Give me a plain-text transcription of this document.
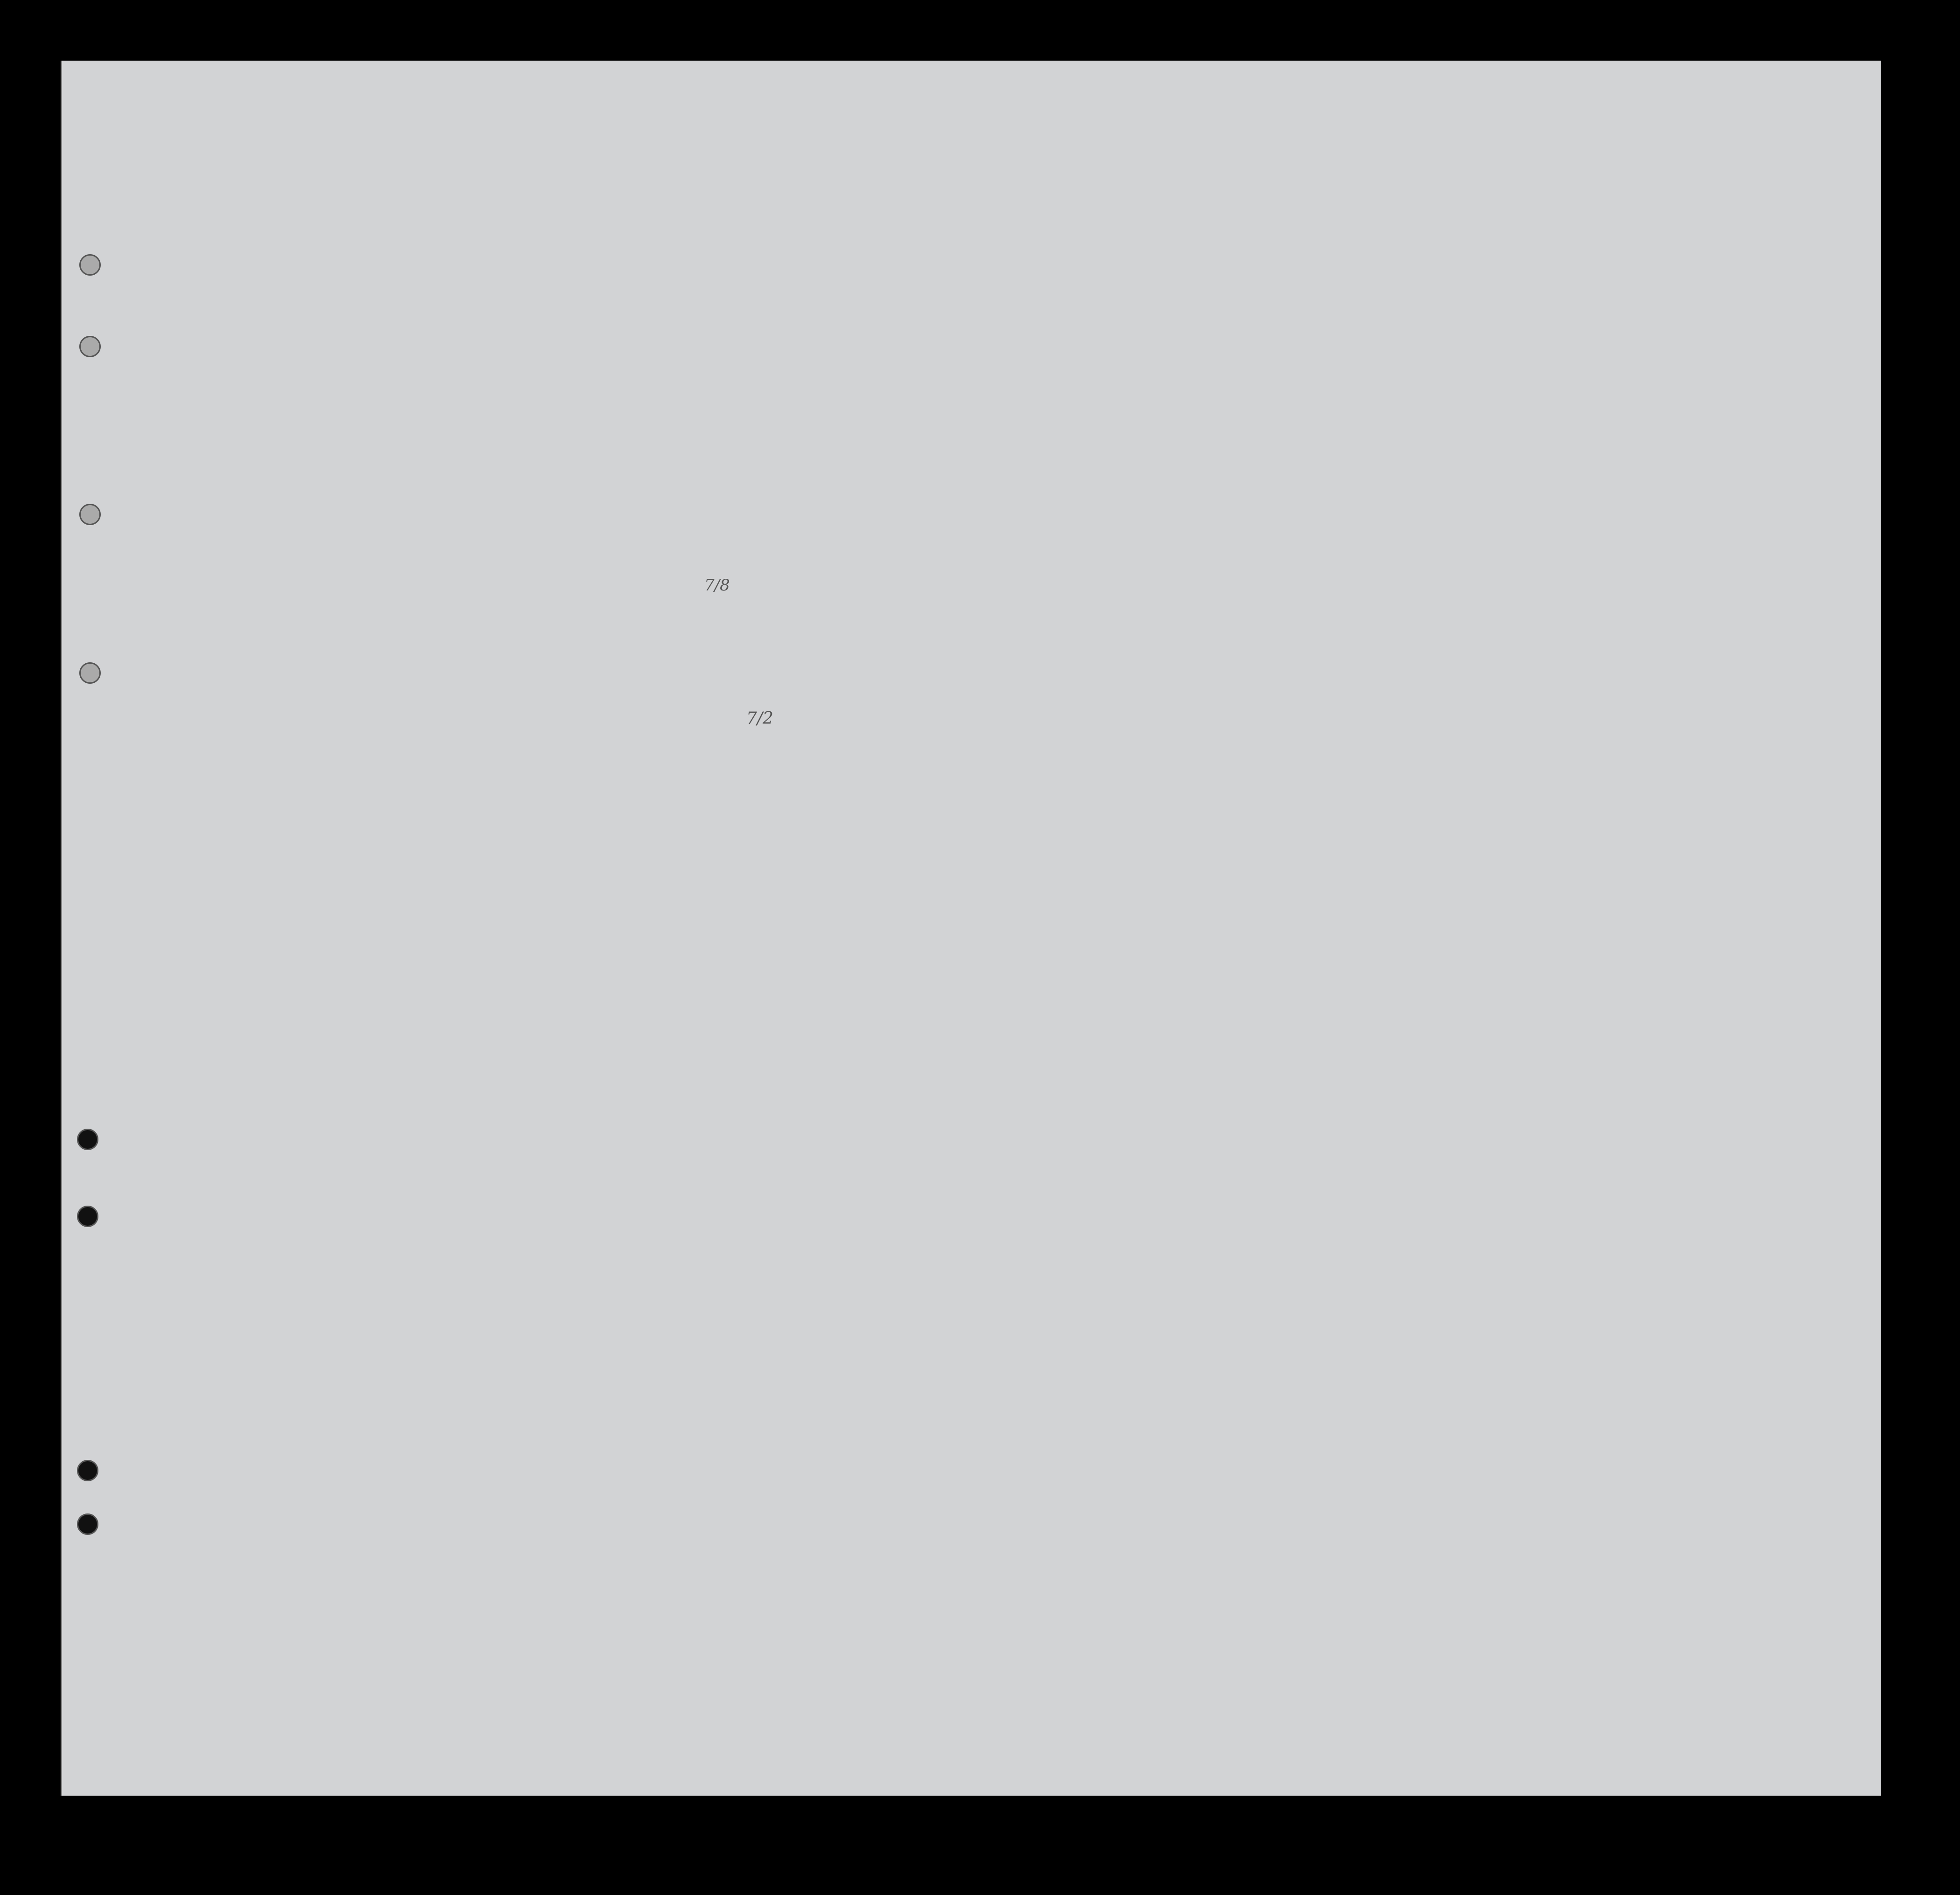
7/8
7/2
